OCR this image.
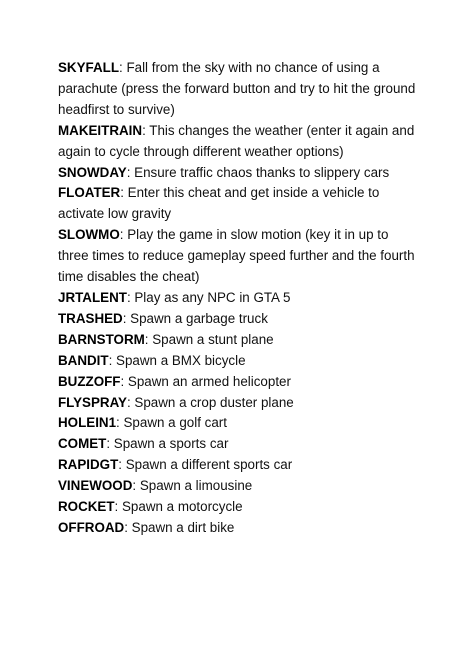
SKYFALL: Fall from the sky with no chance of using a parachute (press the forward button and try to hit the ground headfirst to survive)
MAKEITRAIN: This changes the weather (enter it again and again to cycle through different weather options)
SNOWDAY: Ensure traffic chaos thanks to slippery cars
FLOATER: Enter this cheat and get inside a vehicle to activate low gravity
SLOWMO: Play the game in slow motion (key it in up to three times to reduce gameplay speed further and the fourth time disables the cheat)
JRTALENT: Play as any NPC in GTA 5
TRASHED: Spawn a garbage truck
BARNSTORM: Spawn a stunt plane
BANDIT: Spawn a BMX bicycle
BUZZOFF: Spawn an armed helicopter
FLYSPRAY: Spawn a crop duster plane
HOLEIN1: Spawn a golf cart
COMET: Spawn a sports car
RAPIDGT: Spawn a different sports car
VINEWOOD: Spawn a limousine
ROCKET: Spawn a motorcycle
OFFROAD: Spawn a dirt bike
